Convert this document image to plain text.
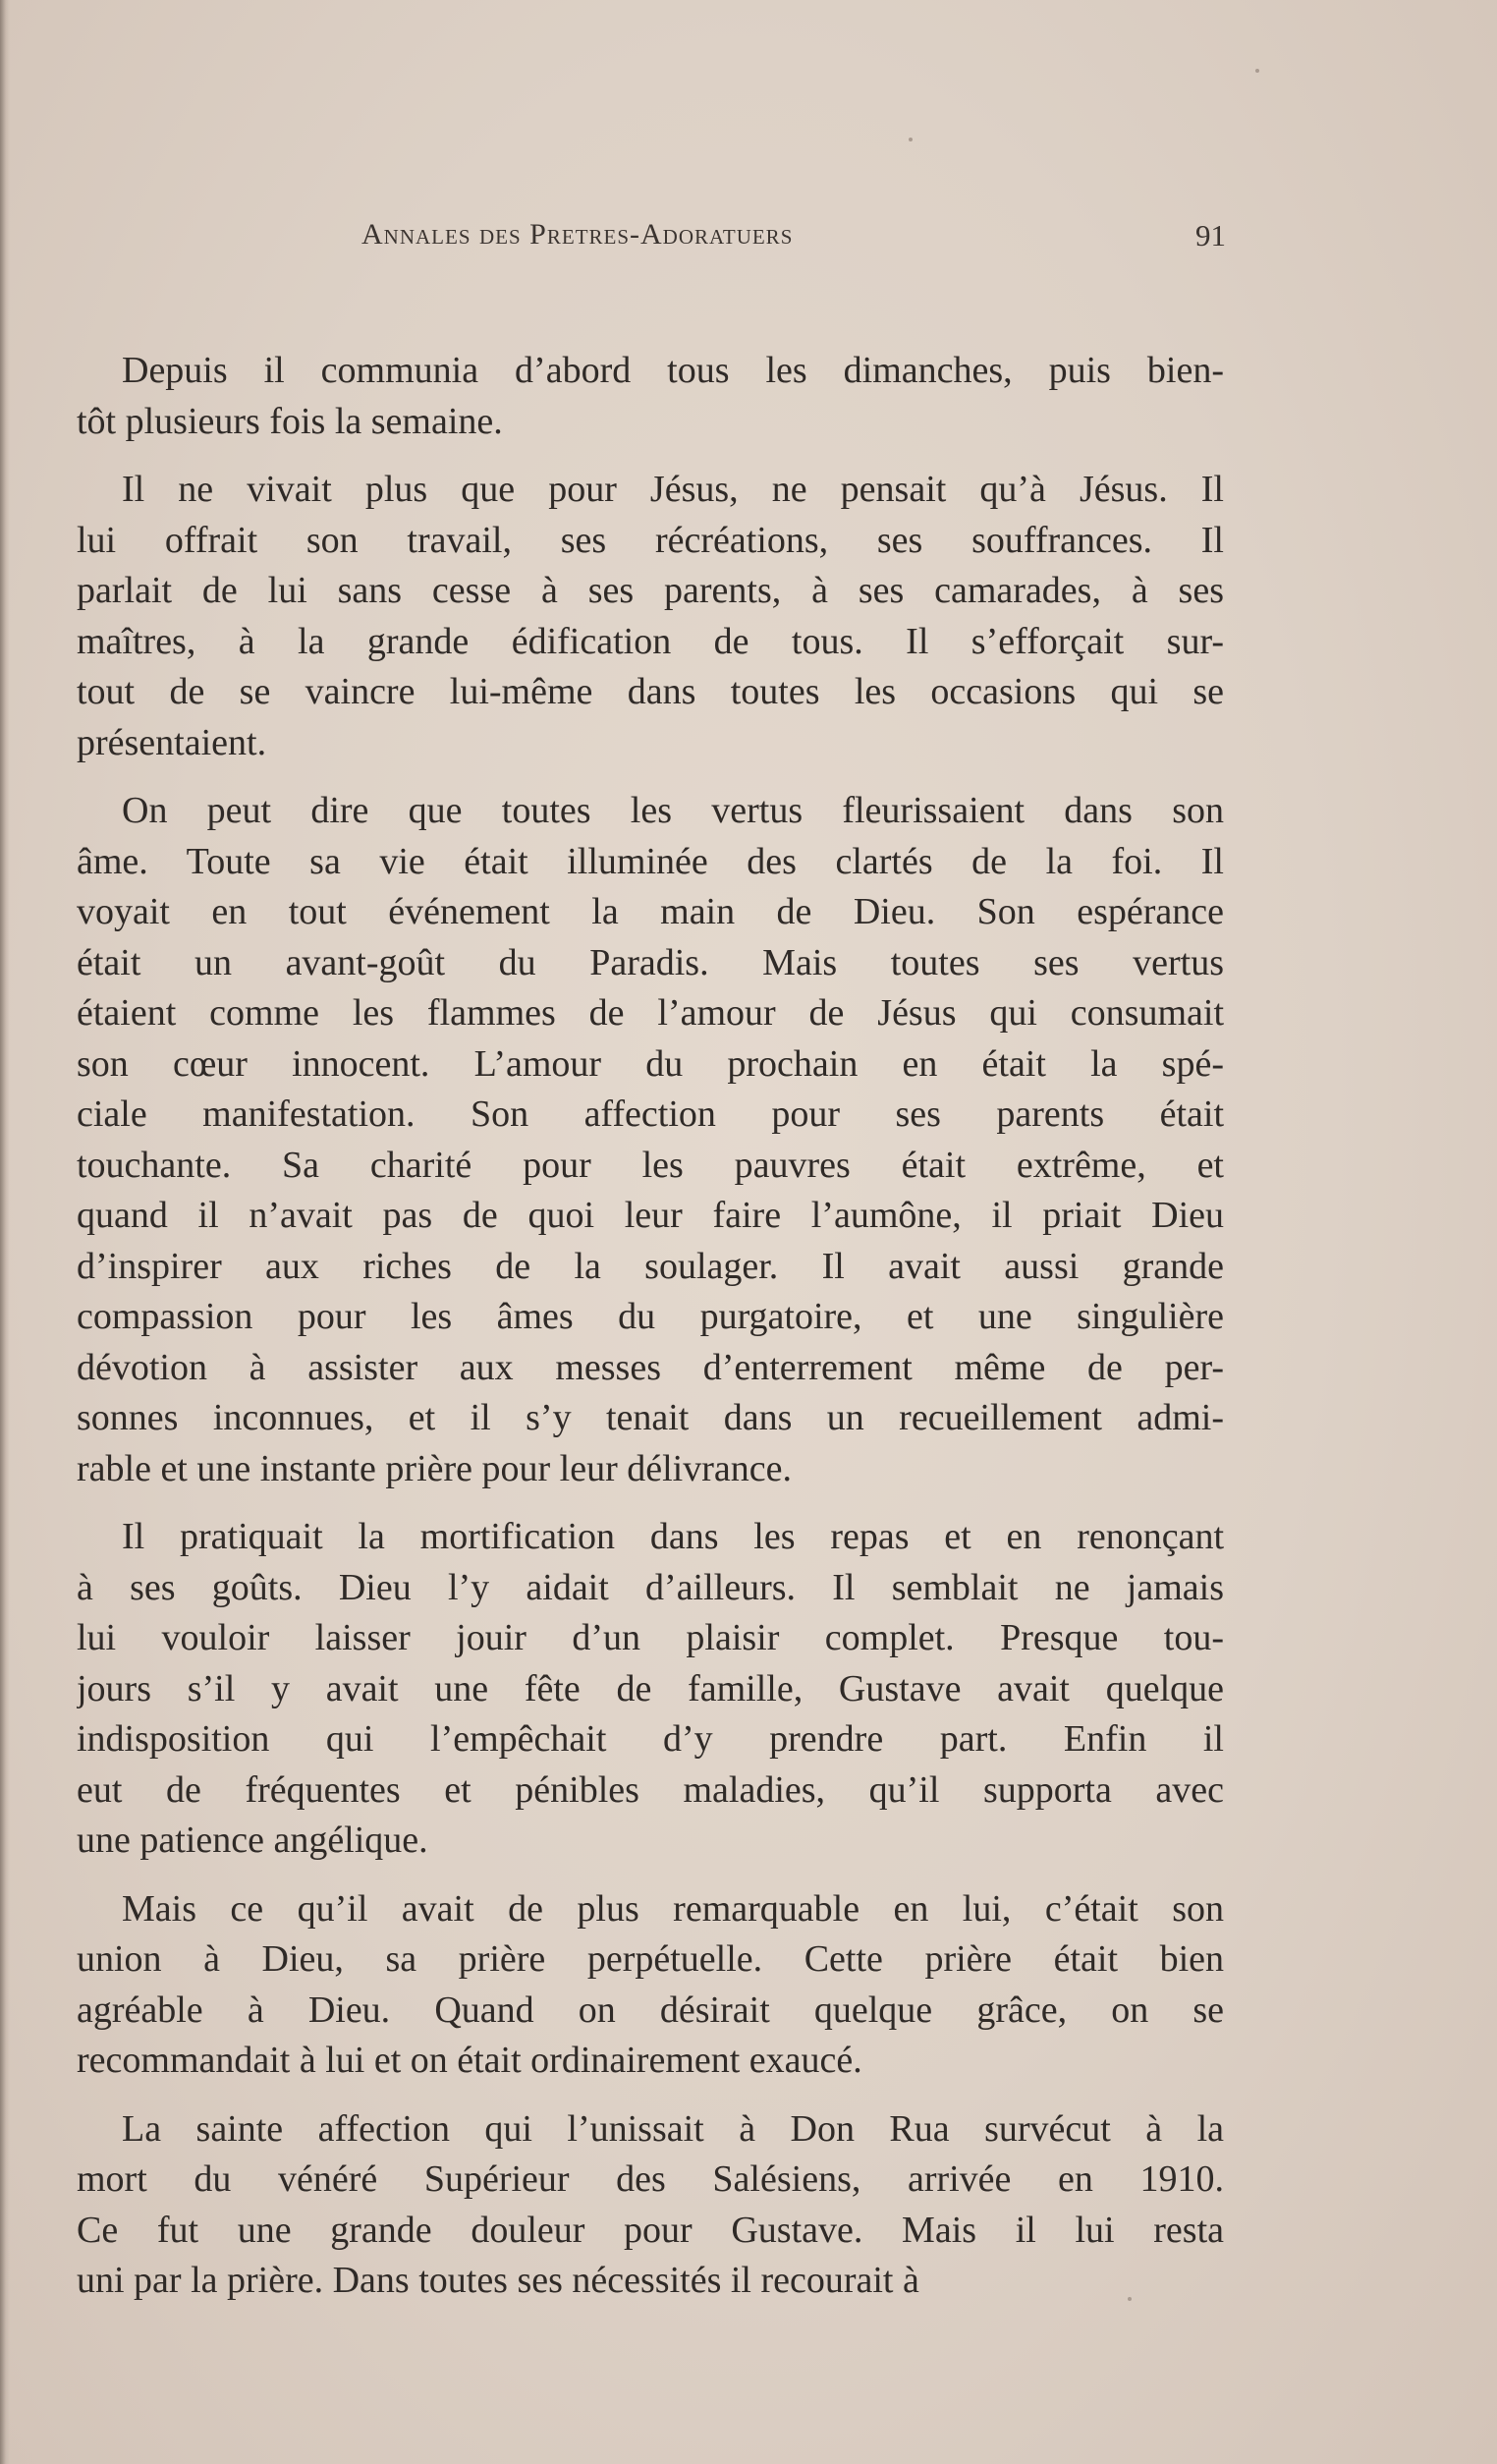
Annales des Pretres-Adoratuers	91
Depuis il communia d’abord tous les dimanches, puis bien-
tôt plusieurs fois la semaine.
Il ne vivait plus que pour Jésus, ne pensait qu’à Jésus. Il
lui offrait son travail, ses récréations, ses souffrances. Il
parlait de lui sans cesse à ses parents, à ses camarades, à ses
maîtres, à la grande édification de tous. Il s’efforçait sur-
tout de se vaincre lui-même dans toutes les occasions qui se
présentaient.
On peut dire que toutes les vertus fleurissaient dans son
âme. Toute sa vie était illuminée des clartés de la foi. Il
voyait en tout événement la main de Dieu. Son espérance
était un avant-goût du Paradis. Mais toutes ses vertus
étaient comme les flammes de l’amour de Jésus qui consumait
son cœur innocent. L’amour du prochain en était la spé-
ciale manifestation. Son affection pour ses parents était
touchante. Sa charité pour les pauvres était extrême, et
quand il n’avait pas de quoi leur faire l’aumône, il priait Dieu
d’inspirer aux riches de la soulager. Il avait aussi grande
compassion pour les âmes du purgatoire, et une singulière
dévotion à assister aux messes d’enterrement même de per-
sonnes inconnues, et il s’y tenait dans un recueillement admi-
rable et une instante prière pour leur délivrance.
Il pratiquait la mortification dans les repas et en renonçant
à ses goûts. Dieu l’y aidait d’ailleurs. Il semblait ne jamais
lui vouloir laisser jouir d’un plaisir complet. Presque tou-
jours s’il y avait une fête de famille, Gustave avait quelque
indisposition qui l’empêchait d’y prendre part. Enfin il
eut de fréquentes et pénibles maladies, qu’il supporta avec
une patience angélique.
Mais ce qu’il avait de plus remarquable en lui, c’était son
union à Dieu, sa prière perpétuelle. Cette prière était bien
agréable à Dieu. Quand on désirait quelque grâce, on se
recommandait à lui et on était ordinairement exaucé.
La sainte affection qui l’unissait à Don Rua survécut à la
mort du vénéré Supérieur des Salésiens, arrivée en 1910.
Ce fut une grande douleur pour Gustave. Mais il lui resta
uni par la prière. Dans toutes ses nécessités il recourait à
